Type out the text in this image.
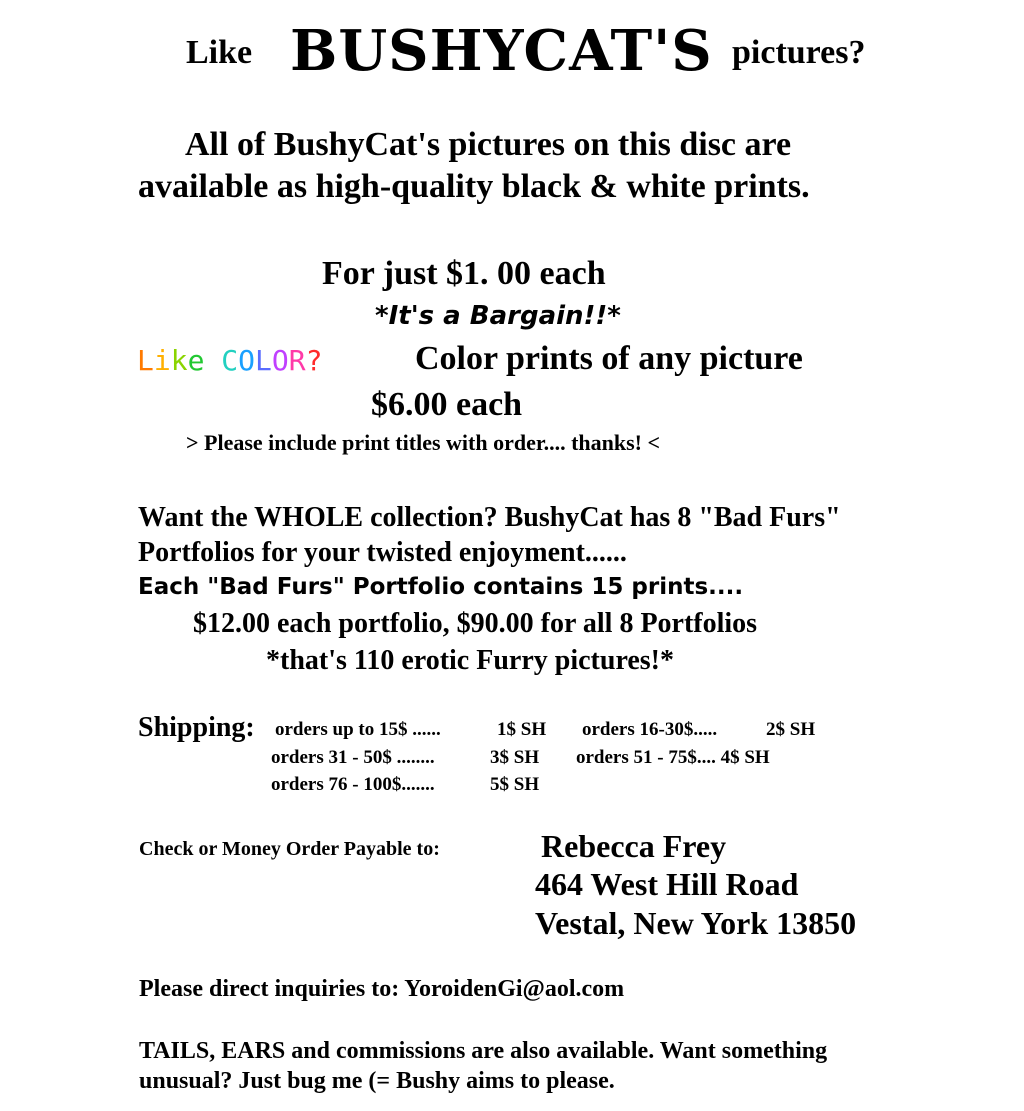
Like BUSHYCAT'S pictures?
All of BushyCat's pictures on this disc are
available as high-quality black & white prints.
For just $1. 00 each
*It's a Bargain!!*
Like COLOR?	Color prints of any picture
$6.00 each
> Please include print titles with order.... thanks! <
Want the WHOLE collection? BushyCat has 8 "Bad Furs"
Portfolios for your twisted enjoyment......
Each "Bad Furs" Portfolio contains 15 prints....
$12.00 each portfolio, $90.00 for all 8 Portfolios
*that's 110 erotic Furry pictures!*
Shipping: orders up to 15$ ......	1$ SH orders 16-30$.....	2$ SH
orders 31 - 50$ ........	3$ SH orders 51 - 75$.... 4$ SH
orders 76 - 100$.......	5$ SH
Check or Money Order Payable to:	Rebecca Frey
464 West Hill Road
Vestal, New York 13850
Please direct inquiries to: YoroidenGi@aol.com
TAILS, EARS and commissions are also available. Want something
unusual? Just bug me (= Bushy aims to please.
